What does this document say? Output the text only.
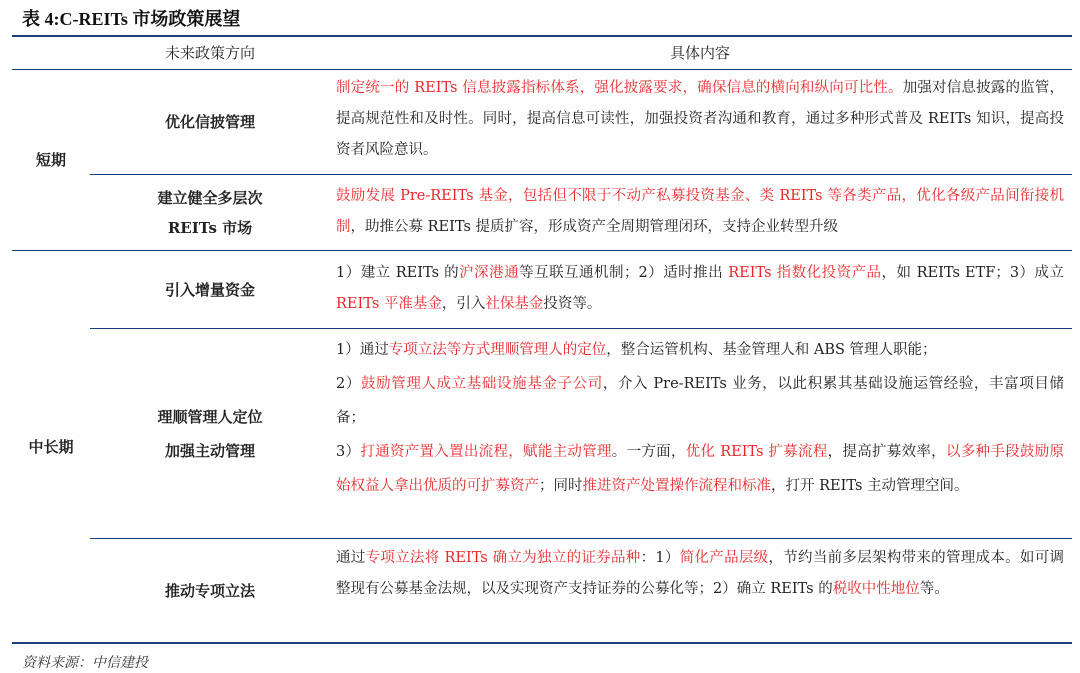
表 4:C-REITs 市场政策展望
未来政策方向	具体内容
短期
中长期
优化信披管理
建立健全多层次
REITs 市场
引入增量资金
理顺管理人定位
加强主动管理
推动专项立法
制定统一的 REITs 信息披露指标体系，强化披露要求，确保信息的横向和纵向可比性。加强对信息披露的监管，提高规范性和及时性。同时，提高信息可读性，加强投资者沟通和教育，通过多种形式普及 REITs 知识，提高投资者风险意识。
鼓励发展 Pre-REITs 基金，包括但不限于不动产私募投资基金、类 REITs 等各类产品，优化各级产品间衔接机制，助推公募 REITs 提质扩容，形成资产全周期管理闭环，支持企业转型升级
1）建立 REITs 的沪深港通等互联互通机制；2）适时推出 REITs 指数化投资产品，如 REITs ETF；3）成立 REITs 平准基金，引入社保基金投资等。
1）通过专项立法等方式理顺管理人的定位，整合运管机构、基金管理人和 ABS 管理人职能；
2）鼓励管理人成立基础设施基金子公司，介入 Pre-REITs 业务，以此积累其基础设施运管经验，丰富项目储备；
3）打通资产置入置出流程，赋能主动管理。一方面，优化 REITs 扩募流程，提高扩募效率，以多种手段鼓励原始权益人拿出优质的可扩募资产；同时推进资产处置操作流程和标准，打开 REITs 主动管理空间。
通过专项立法将 REITs 确立为独立的证券品种：1）简化产品层级，节约当前多层架构带来的管理成本。如可调整现有公募基金法规，以及实现资产支持证券的公募化等；2）确立 REITs 的税收中性地位等。
资料来源：中信建投
